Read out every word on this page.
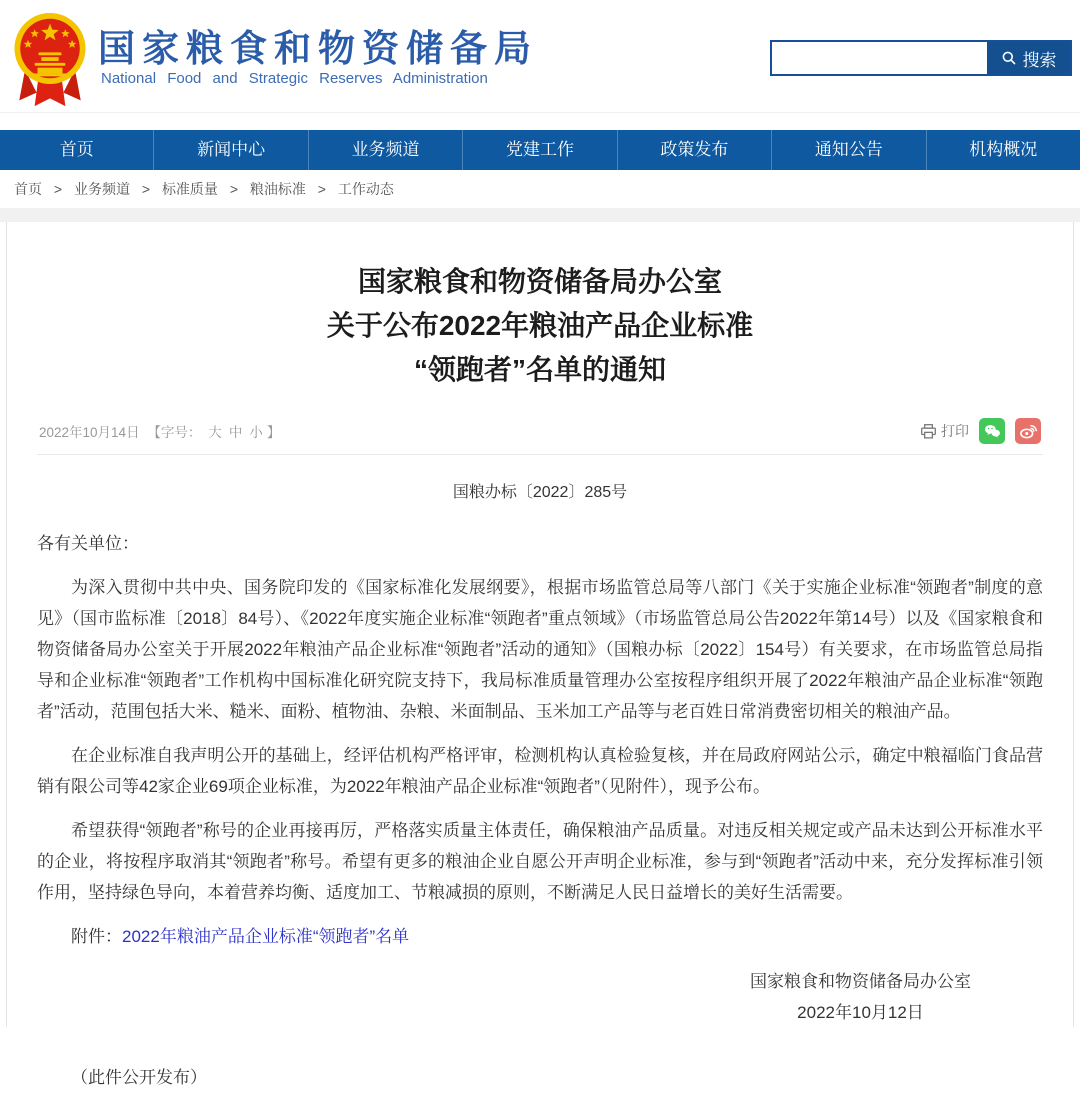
国家粮食和物资储备局
National Food and Strategic Reserves Administration
搜索
首页	新闻中心	业务频道	党建工作	政策发布	通知公告	机构概况
首页 > 业务频道 > 标准质量 > 粮油标准 > 工作动态
国家粮食和物资储备局办公室
关于公布2022年粮油产品企业标准
“领跑者”名单的通知
2022年10月14日 【字号： 大 中 小 】	打印
国粮办标〔2022〕285号

各有关单位：

为深入贯彻中共中央、国务院印发的《国家标准化发展纲要》，根据市场监管总局等八部门《关于实施企业标准“领跑者”制度的意见》（国市监标准〔2018〕84号）、《2022年度实施企业标准“领跑者”重点领域》（市场监管总局公告2022年第14号）以及《国家粮食和物资储备局办公室关于开展2022年粮油产品企业标准“领跑者”活动的通知》（国粮办标〔2022〕154号）有关要求，在市场监管总局指导和企业标准“领跑者”工作机构中国标准化研究院支持下，我局标准质量管理办公室按程序组织开展了2022年粮油产品企业标准“领跑者”活动，范围包括大米、糙米、面粉、植物油、杂粮、米面制品、玉米加工产品等与老百姓日常消费密切相关的粮油产品。

在企业标准自我声明公开的基础上，经评估机构严格评审，检测机构认真检验复核，并在局政府网站公示，确定中粮福临门食品营销有限公司等42家企业69项企业标准，为2022年粮油产品企业标准“领跑者”（见附件），现予公布。

希望获得“领跑者”称号的企业再接再厉，严格落实质量主体责任，确保粮油产品质量。对违反相关规定或产品未达到公开标准水平的企业，将按程序取消其“领跑者”称号。希望有更多的粮油企业自愿公开声明企业标准，参与到“领跑者”活动中来，充分发挥标准引领作用，坚持绿色导向，本着营养均衡、适度加工、节粮减损的原则，不断满足人民日益增长的美好生活需要。

附件：2022年粮油产品企业标准“领跑者”名单

国家粮食和物资储备局办公室
2022年10月12日
（此件公开发布）
